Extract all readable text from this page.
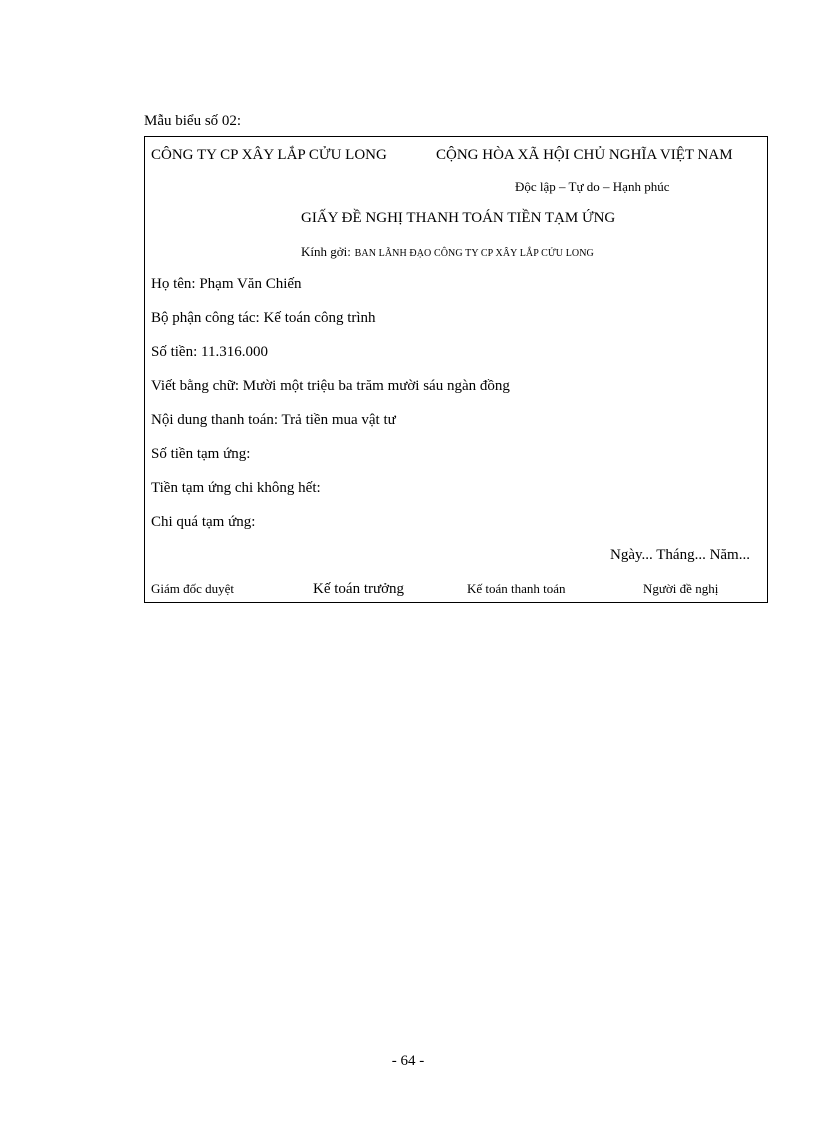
Mẫu biểu số 02:
CÔNG TY CP XÂY LẮP CỬU LONG	CỘNG HÒA XÃ HỘI CHỦ NGHĨA VIỆT NAM
Độc lập – Tự do – Hạnh phúc
GIẤY ĐỀ NGHỊ THANH TOÁN TIỀN TẠM ỨNG
Kính gởi: BAN LÃNH ĐẠO CÔNG TY CP XÂY LẮP CỬU LONG
Họ tên: Phạm Văn Chiến
Bộ phận công tác: Kế toán công trình
Số tiền: 11.316.000
Viết bằng chữ: Mười một triệu ba trăm mười sáu ngàn đồng
Nội dung thanh toán: Trả tiền mua vật tư
Số tiền tạm ứng:
Tiền tạm ứng chi không hết:
Chi quá tạm ứng:
Ngày... Tháng... Năm...
Giám đốc duyệt	Kế toán trưởng	Kế toán thanh toán	Người đề nghị
- 64 -
